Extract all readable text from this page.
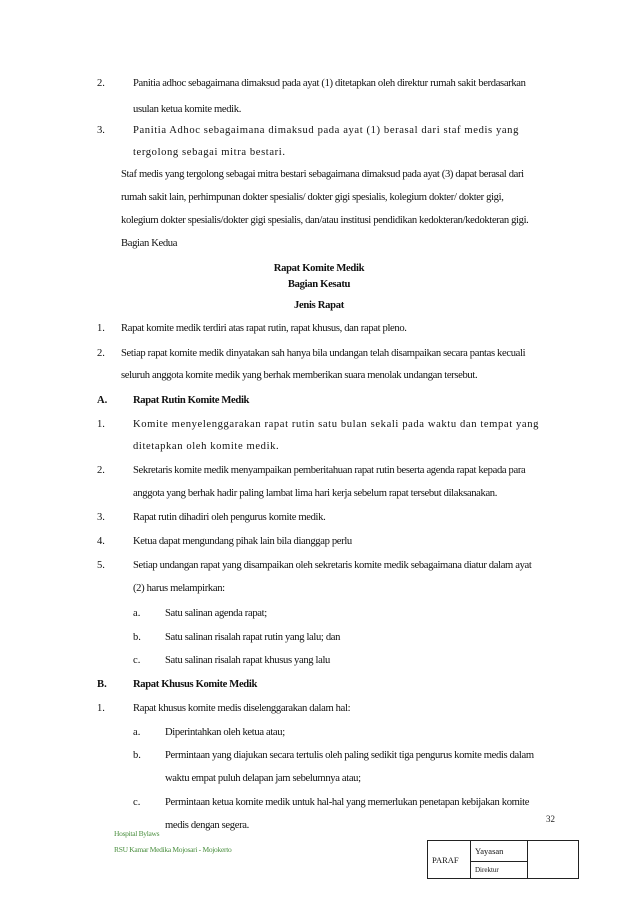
2.	Panitia adhoc sebagaimana dimaksud pada ayat (1) ditetapkan oleh direktur rumah sakit berdasarkan
usulan ketua komite medik.
3.	Panitia Adhoc sebagaimana dimaksud pada ayat (1) berasal dari staf medis yang
tergolong sebagai mitra bestari.
Staf medis yang tergolong sebagai mitra bestari sebagaimana dimaksud pada ayat (3) dapat berasal dari
rumah sakit lain, perhimpunan dokter spesialis/ dokter gigi spesialis, kolegium dokter/ dokter gigi,
kolegium dokter spesialis/dokter gigi spesialis, dan/atau institusi pendidikan kedokteran/kedokteran gigi.
Bagian Kedua
1. Rapat komite medik terdiri atas rapat rutin, rapat khusus, dan rapat pleno.
2. Setiap rapat komite medik dinyatakan sah hanya bila undangan telah disampaikan secara pantas kecuali
seluruh anggota komite medik yang berhak memberikan suara menolak undangan tersebut.
A. Rapat Rutin Komite Medik
1.	Komite menyelenggarakan rapat rutin satu bulan sekali pada waktu dan tempat yang
ditetapkan oleh komite medik.
2.	Sekretaris komite medik menyampaikan pemberitahuan rapat rutin beserta agenda rapat kepada para
anggota yang berhak hadir paling lambat lima hari kerja sebelum rapat tersebut dilaksanakan.
3.	Rapat rutin dihadiri oleh pengurus komite medik.
4.	Ketua dapat mengundang pihak lain bila dianggap perlu
5.	Setiap undangan rapat yang disampaikan oleh sekretaris komite medik sebagaimana diatur dalam ayat
(2) harus melampirkan:
a. Satu salinan agenda rapat;
b. Satu salinan risalah rapat rutin yang lalu; dan
c. Satu salinan risalah rapat khusus yang lalu
B. Rapat Khusus Komite Medik
1.	Rapat khusus komite medis diselenggarakan dalam hal:
a. Diperintahkan oleh ketua atau;
b. Permintaan yang diajukan secara tertulis oleh paling sedikit tiga pengurus komite medis dalam
waktu empat puluh delapan jam sebelumnya atau;
c. Permintaan ketua komite medik untuk hal-hal yang memerlukan penetapan kebijakan komite
medis dengan segera.
Rapat Komite Medik
Bagian Kesatu
Jenis Rapat
Hospital Bylaws
RSU Kamar Medika Mojosari - Mojokerto
32
PARAF	Yayasan	
Direktur
